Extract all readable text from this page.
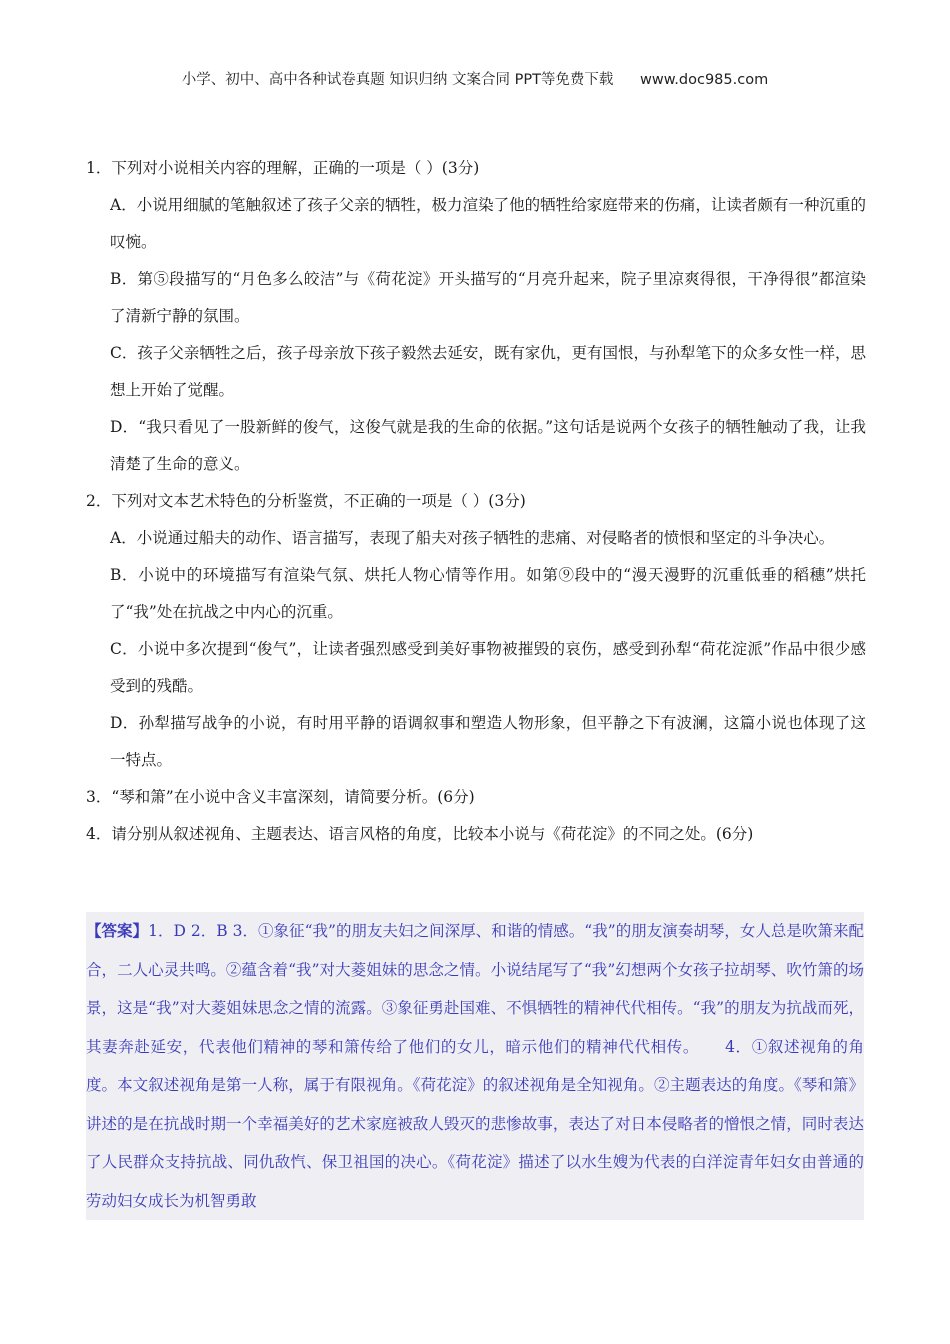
小学、初中、高中各种试卷真题 知识归纳 文案合同 PPT等免费下载 www.doc985.com

1．下列对小说相关内容的理解，正确的一项是（ ）(3分)

A．小说用细腻的笔触叙述了孩子父亲的牺牲，极力渲染了他的牺牲给家庭带来的伤痛，让读者颇有一种沉重的叹惋。

B．第⑤段描写的“月色多么皎洁”与《荷花淀》开头描写的“月亮升起来，院子里凉爽得很，干净得很”都渲染了清新宁静的氛围。

C．孩子父亲牺牲之后，孩子母亲放下孩子毅然去延安，既有家仇，更有国恨，与孙犁笔下的众多女性一样，思想上开始了觉醒。

D．“我只看见了一股新鲜的俊气，这俊气就是我的生命的依据。”这句话是说两个女孩子的牺牲触动了我，让我清楚了生命的意义。

2．下列对文本艺术特色的分析鉴赏，不正确的一项是（ ）(3分)

A．小说通过船夫的动作、语言描写，表现了船夫对孩子牺牲的悲痛、对侵略者的愤恨和坚定的斗争决心。

B．小说中的环境描写有渲染气氛、烘托人物心情等作用。如第⑨段中的“漫天漫野的沉重低垂的稻穗”烘托了“我”处在抗战之中内心的沉重。

C．小说中多次提到“俊气”，让读者强烈感受到美好事物被摧毁的哀伤，感受到孙犁“荷花淀派”作品中很少感受到的残酷。

D．孙犁描写战争的小说，有时用平静的语调叙事和塑造人物形象，但平静之下有波澜，这篇小说也体现了这一特点。

3．“琴和箫”在小说中含义丰富深刻，请简要分析。(6分)

4．请分别从叙述视角、主题表达、语言风格的角度，比较本小说与《荷花淀》的不同之处。(6分)

【答案】1．D 2．B 3．①象征“我”的朋友夫妇之间深厚、和谐的情感。“我”的朋友演奏胡琴，女人总是吹箫来配合，二人心灵共鸣。②蕴含着“我”对大菱姐妹的思念之情。小说结尾写了“我”幻想两个女孩子拉胡琴、吹竹箫的场景，这是“我”对大菱姐妹思念之情的流露。③象征勇赴国难、不惧牺牲的精神代代相传。“我”的朋友为抗战而死，其妻奔赴延安，代表他们精神的琴和箫传给了他们的女儿，暗示他们的精神代代相传。 4．①叙述视角的角度。本文叙述视角是第一人称，属于有限视角。《荷花淀》的叙述视角是全知视角。②主题表达的角度。《琴和箫》讲述的是在抗战时期一个幸福美好的艺术家庭被敌人毁灭的悲惨故事，表达了对日本侵略者的憎恨之情，同时表达了人民群众支持抗战、同仇敌忾、保卫祖国的决心。《荷花淀》描述了以水生嫂为代表的白洋淀青年妇女由普通的劳动妇女成长为机智勇敢
